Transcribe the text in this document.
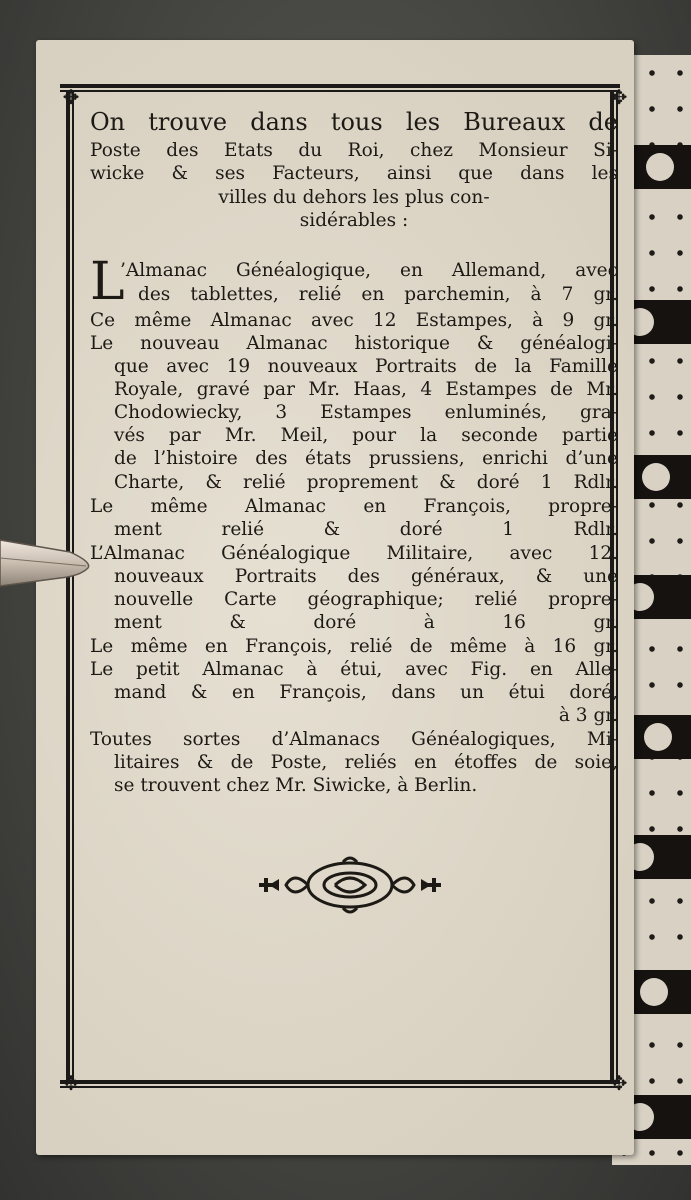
✥	✥
✥	✥

On trouve dans tous les Bureaux de

Poste des Etats du Roi, chez Monsieur Si-

wicke & ses Facteurs, ainsi que dans les

villes du dehors les plus con-

sidérables :

L

’Almanac Généalogique, en Allemand, avec

des tablettes, relié en parchemin, à 7 gr.

Ce même Almanac avec 12 Estampes, à 9 gr.

Le nouveau Almanac historique & généalogi-

que avec 19 nouveaux Portraits de la Famille

Royale, gravé par Mr. Haas, 4 Estampes de Mr.

Chodowiecky, 3 Estampes enluminés, gra-

vés par Mr. Meil, pour la seconde partie

de l’histoire des états prussiens, enrichi d’une

Charte, & relié proprement & doré 1 Rdlr.

Le même Almanac en François, propre-

ment relié & doré 1 Rdlr.

L’Almanac Généalogique Militaire, avec 12.

nouveaux Portraits des généraux, & une

nouvelle Carte géographique; relié propre-

ment & doré à 16 gr.

Le même en François, relié de même à 16 gr.

Le petit Almanac à étui, avec Fig. en Alle-

mand & en François, dans un étui doré,

à 3 gr.

Toutes sortes d’Almanacs Généalogiques, Mi-

litaires & de Poste, reliés en étoffes de soie,

se trouvent chez Mr. Siwicke, à Berlin.
